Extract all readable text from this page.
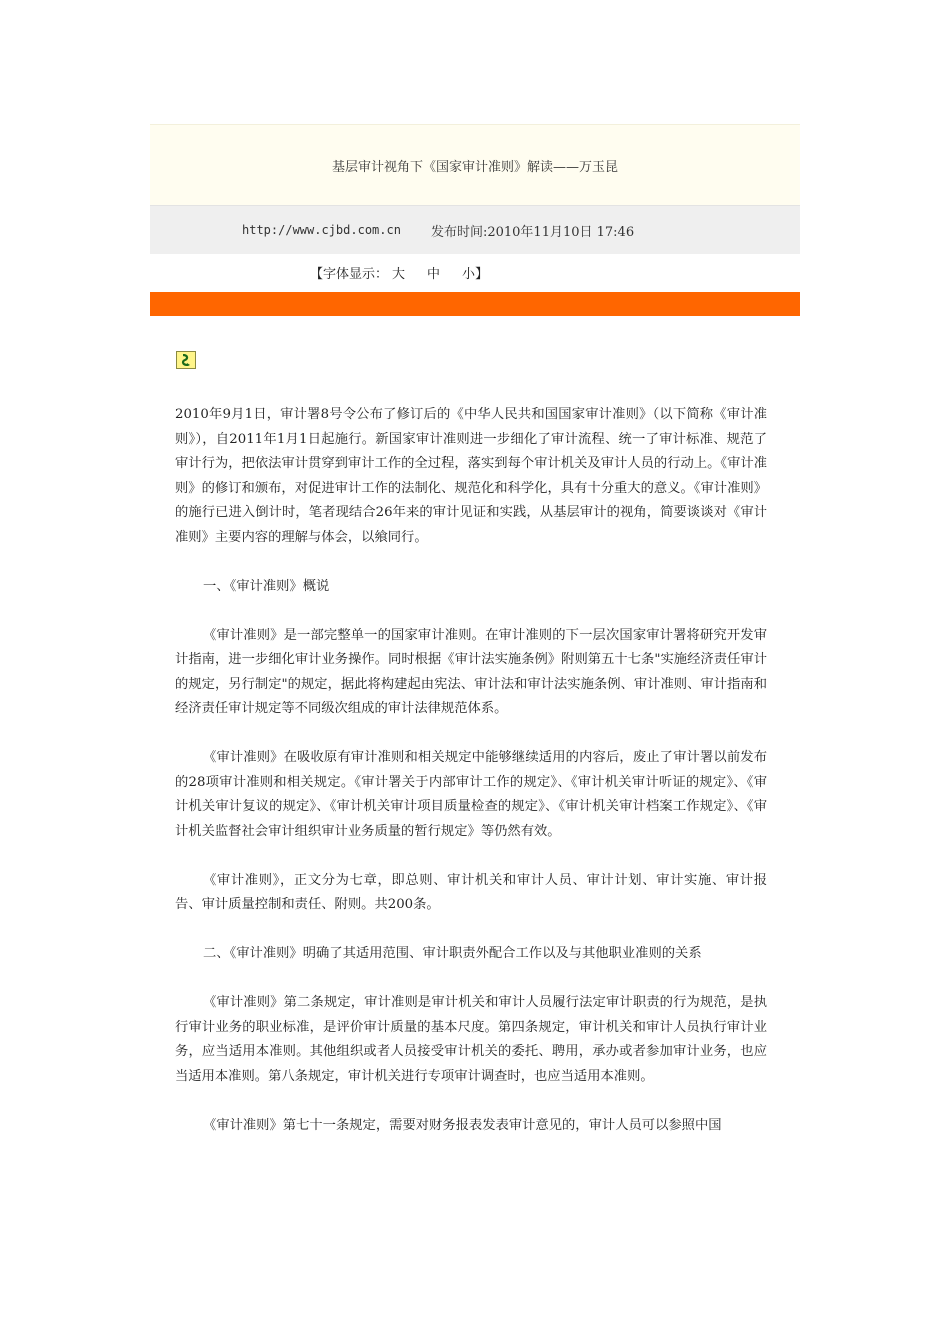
基层审计视角下《国家审计准则》解读——万玉昆
http://www.cjbd.com.cn 发布时间:2010年11月10日 17:46
【字体显示： 大 中 小 】

2010年9月1日，审计署8号令公布了修订后的《中华人民共和国国家审计准则》（以下简称《审计准则》），自2011年1月1日起施行。新国家审计准则进一步细化了审计流程、统一了审计标准、规范了审计行为，把依法审计贯穿到审计工作的全过程，落实到每个审计机关及审计人员的行动上。《审计准则》的修订和颁布，对促进审计工作的法制化、规范化和科学化，具有十分重大的意义。《审计准则》的施行已进入倒计时，笔者现结合26年来的审计见证和实践，从基层审计的视角，简要谈谈对《审计准则》主要内容的理解与体会，以飨同行。

一、《审计准则》概说

《审计准则》是一部完整单一的国家审计准则。在审计准则的下一层次国家审计署将研究开发审计指南，进一步细化审计业务操作。同时根据《审计法实施条例》附则第五十七条"实施经济责任审计的规定，另行制定"的规定，据此将构建起由宪法、审计法和审计法实施条例、审计准则、审计指南和经济责任审计规定等不同级次组成的审计法律规范体系。

《审计准则》在吸收原有审计准则和相关规定中能够继续适用的内容后，废止了审计署以前发布的28项审计准则和相关规定。《审计署关于内部审计工作的规定》、《审计机关审计听证的规定》、《审计机关审计复议的规定》、《审计机关审计项目质量检查的规定》、《审计机关审计档案工作规定》、《审计机关监督社会审计组织审计业务质量的暂行规定》等仍然有效。

《审计准则》，正文分为七章，即总则、审计机关和审计人员、审计计划、审计实施、审计报告、审计质量控制和责任、附则。共200条。

二、《审计准则》明确了其适用范围、审计职责外配合工作以及与其他职业准则的关系

《审计准则》第二条规定，审计准则是审计机关和审计人员履行法定审计职责的行为规范，是执行审计业务的职业标准，是评价审计质量的基本尺度。第四条规定，审计机关和审计人员执行审计业务，应当适用本准则。其他组织或者人员接受审计机关的委托、聘用，承办或者参加审计业务，也应当适用本准则。第八条规定，审计机关进行专项审计调查时，也应当适用本准则。

《审计准则》第七十一条规定，需要对财务报表发表审计意见的，审计人员可以参照中国
